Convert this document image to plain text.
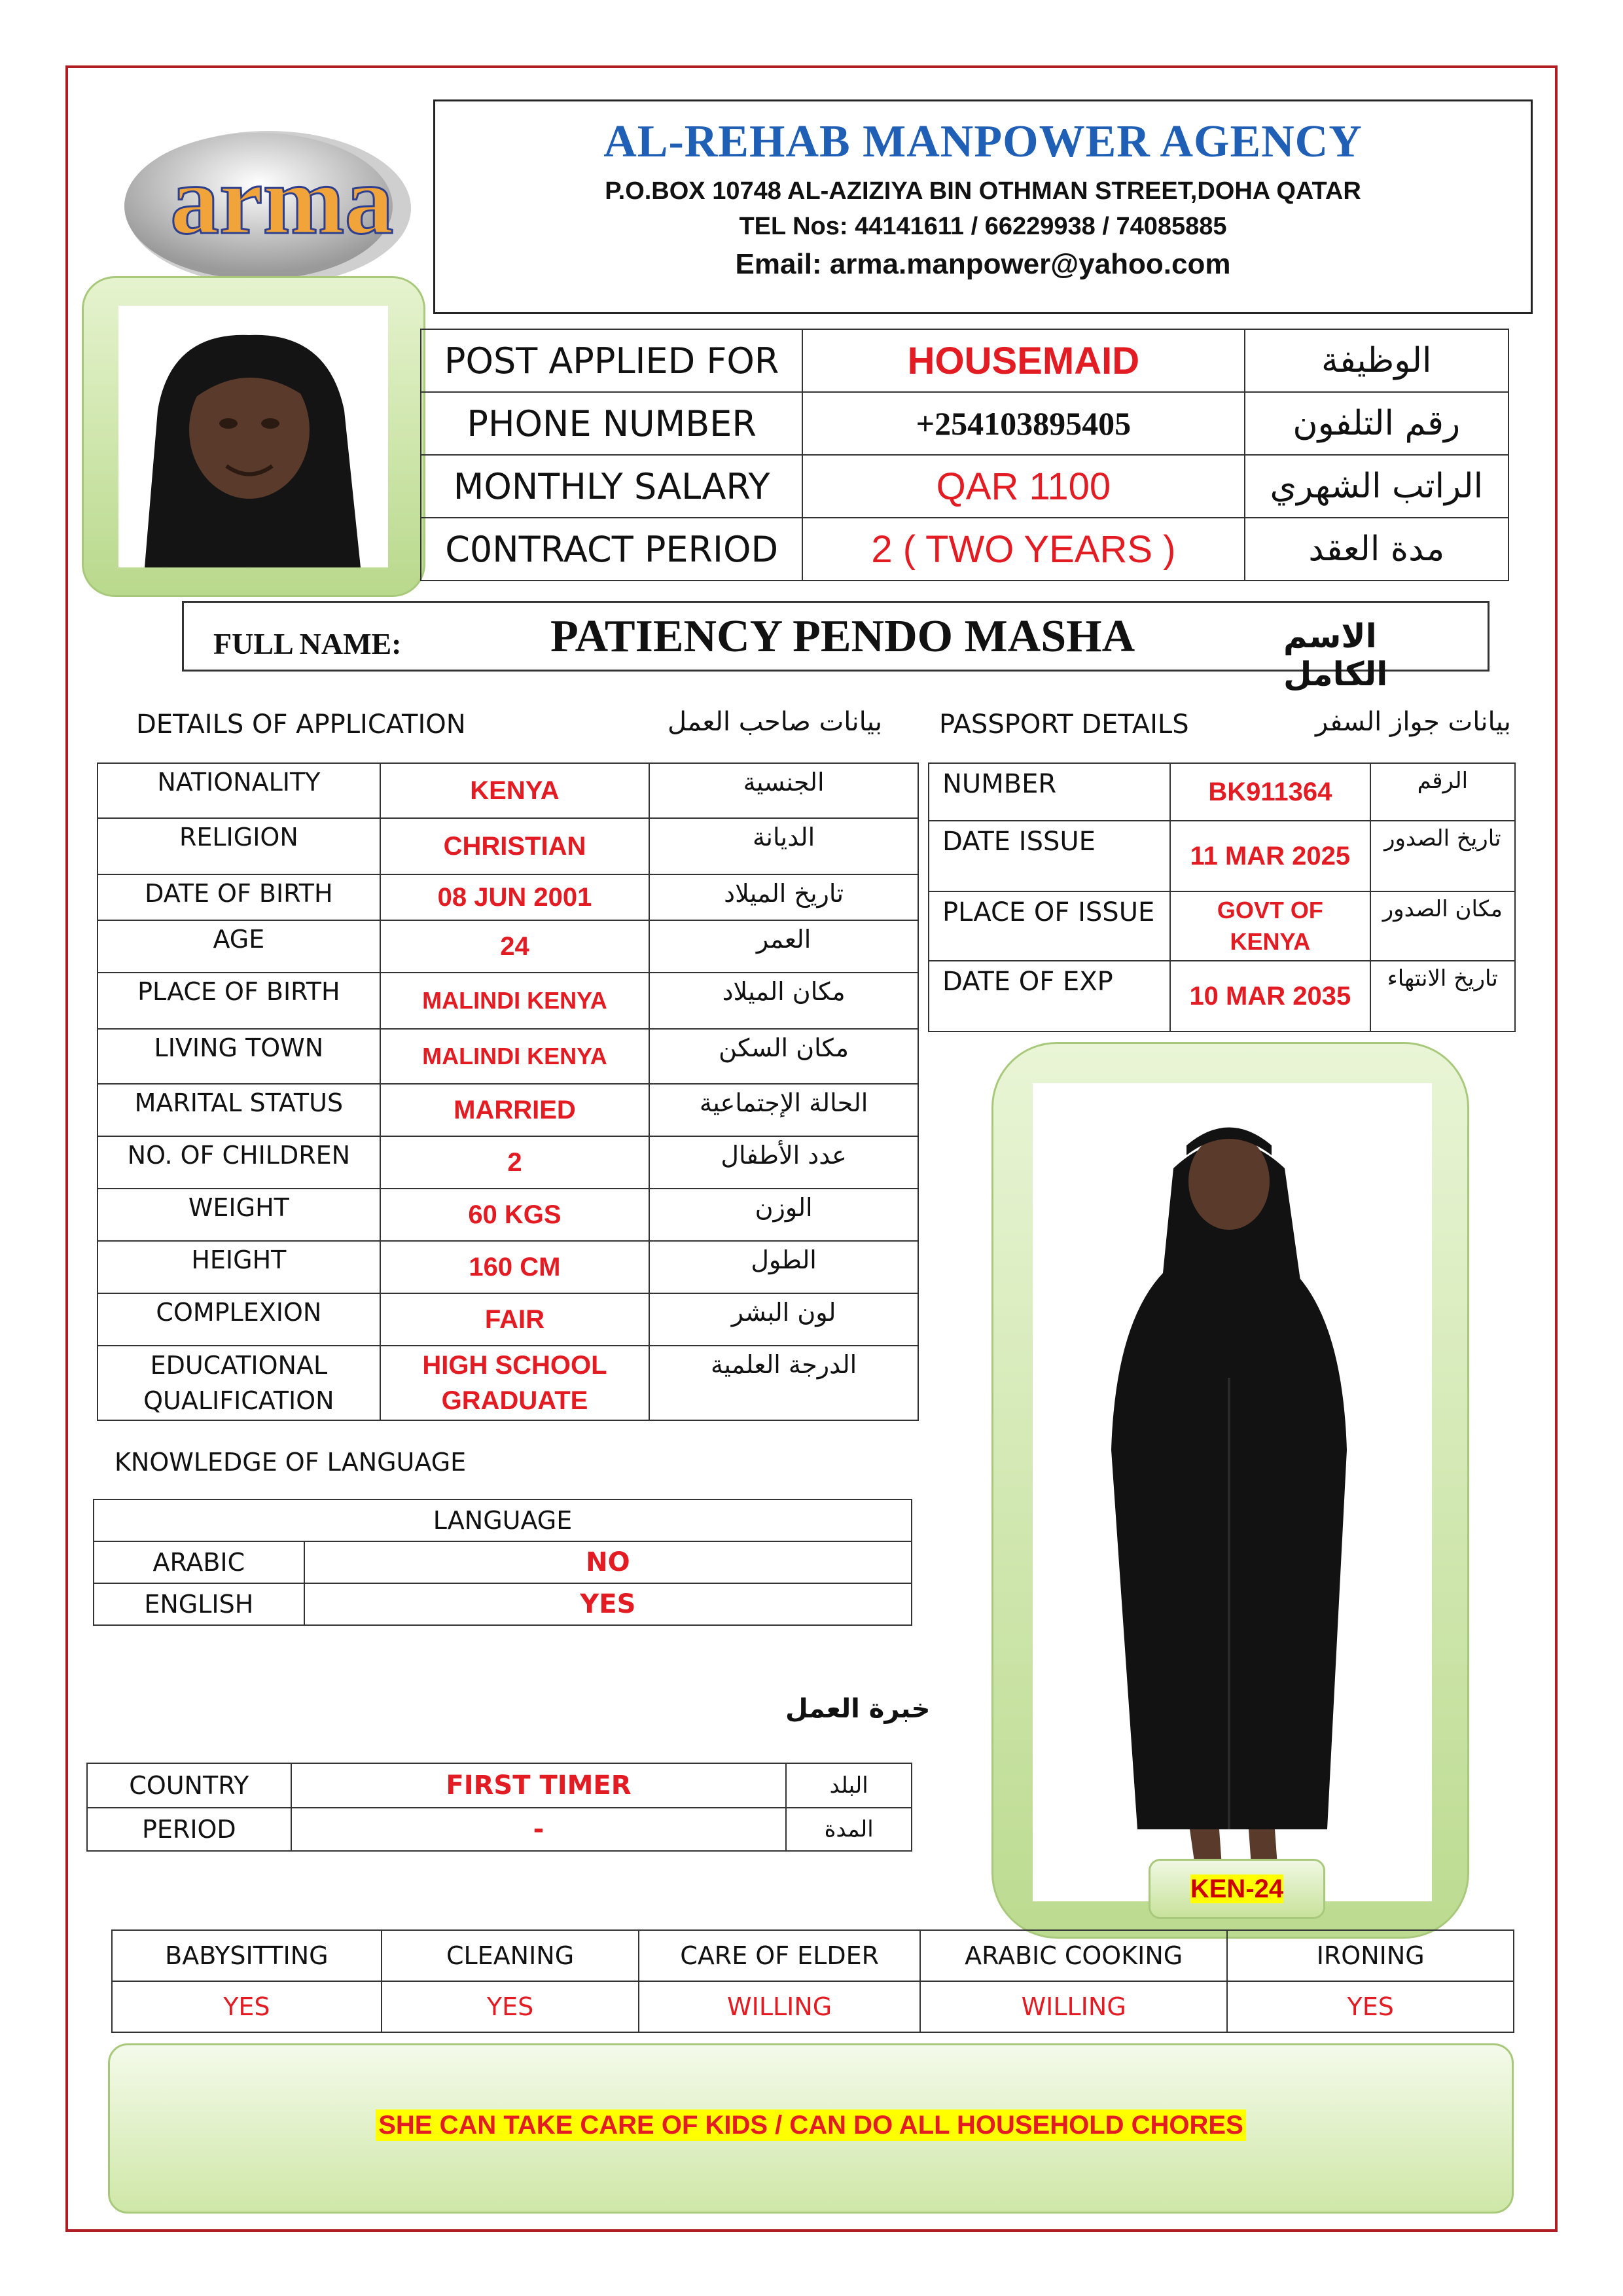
arma
AL-REHAB MANPOWER AGENCY
P.O.BOX 10748 AL-AZIZIYA BIN OTHMAN STREET,DOHA QATAR
TEL Nos: 44141611 / 66229938 / 74085885
Email: arma.manpower@yahoo.com
POST APPLIED FOR	HOUSEMAID	الوظيفة
PHONE NUMBER	+254103895405	رقم التلفون
MONTHLY SALARY	QAR 1100	الراتب الشهري
C0NTRACT PERIOD	2 ( TWO YEARS )	مدة العقد
FULL NAME:	PATIENCY PENDO MASHA	الاسم الكامل
DETAILS OF APPLICATION	بيانات صاحب العمل PASSPORT DETAILS	بيانات جواز السفر
NATIONALITY	KENYA	الجنسية
RELIGION	CHRISTIAN	الديانة
DATE OF BIRTH	08 JUN 2001	تاريخ الميلاد
AGE	24	العمر
PLACE OF BIRTH	MALINDI KENYA	مكان الميلاد
LIVING TOWN	MALINDI KENYA	مكان السكن
MARITAL STATUS	MARRIED	الحالة الإجتماعية
NO. OF CHILDREN	2	عدد الأطفال
WEIGHT	60 KGS	الوزن
HEIGHT	160 CM	الطول
COMPLEXION	FAIR	لون البشر
EDUCATIONAL QUALIFICATION	HIGH SCHOOL GRADUATE	الدرجة العلمية
NUMBER	BK911364	الرقم
DATE ISSUE	11 MAR 2025	تاريخ الصدور
PLACE OF ISSUE	GOVT OF KENYA	مكان الصدور
DATE OF EXP	10 MAR 2035	تاريخ الانتهاء
KEN-24
KNOWLEDGE OF LANGUAGE
LANGUAGE	
ARABIC	NO
ENGLISH	YES
خبرة العمل
COUNTRY	FIRST TIMER	البلد
PERIOD	-	المدة
BABYSITTING	CLEANING	CARE OF ELDER	ARABIC COOKING	IRONING
YES	YES	WILLING	WILLING	YES
SHE CAN TAKE CARE OF KIDS / CAN DO ALL HOUSEHOLD CHORES
